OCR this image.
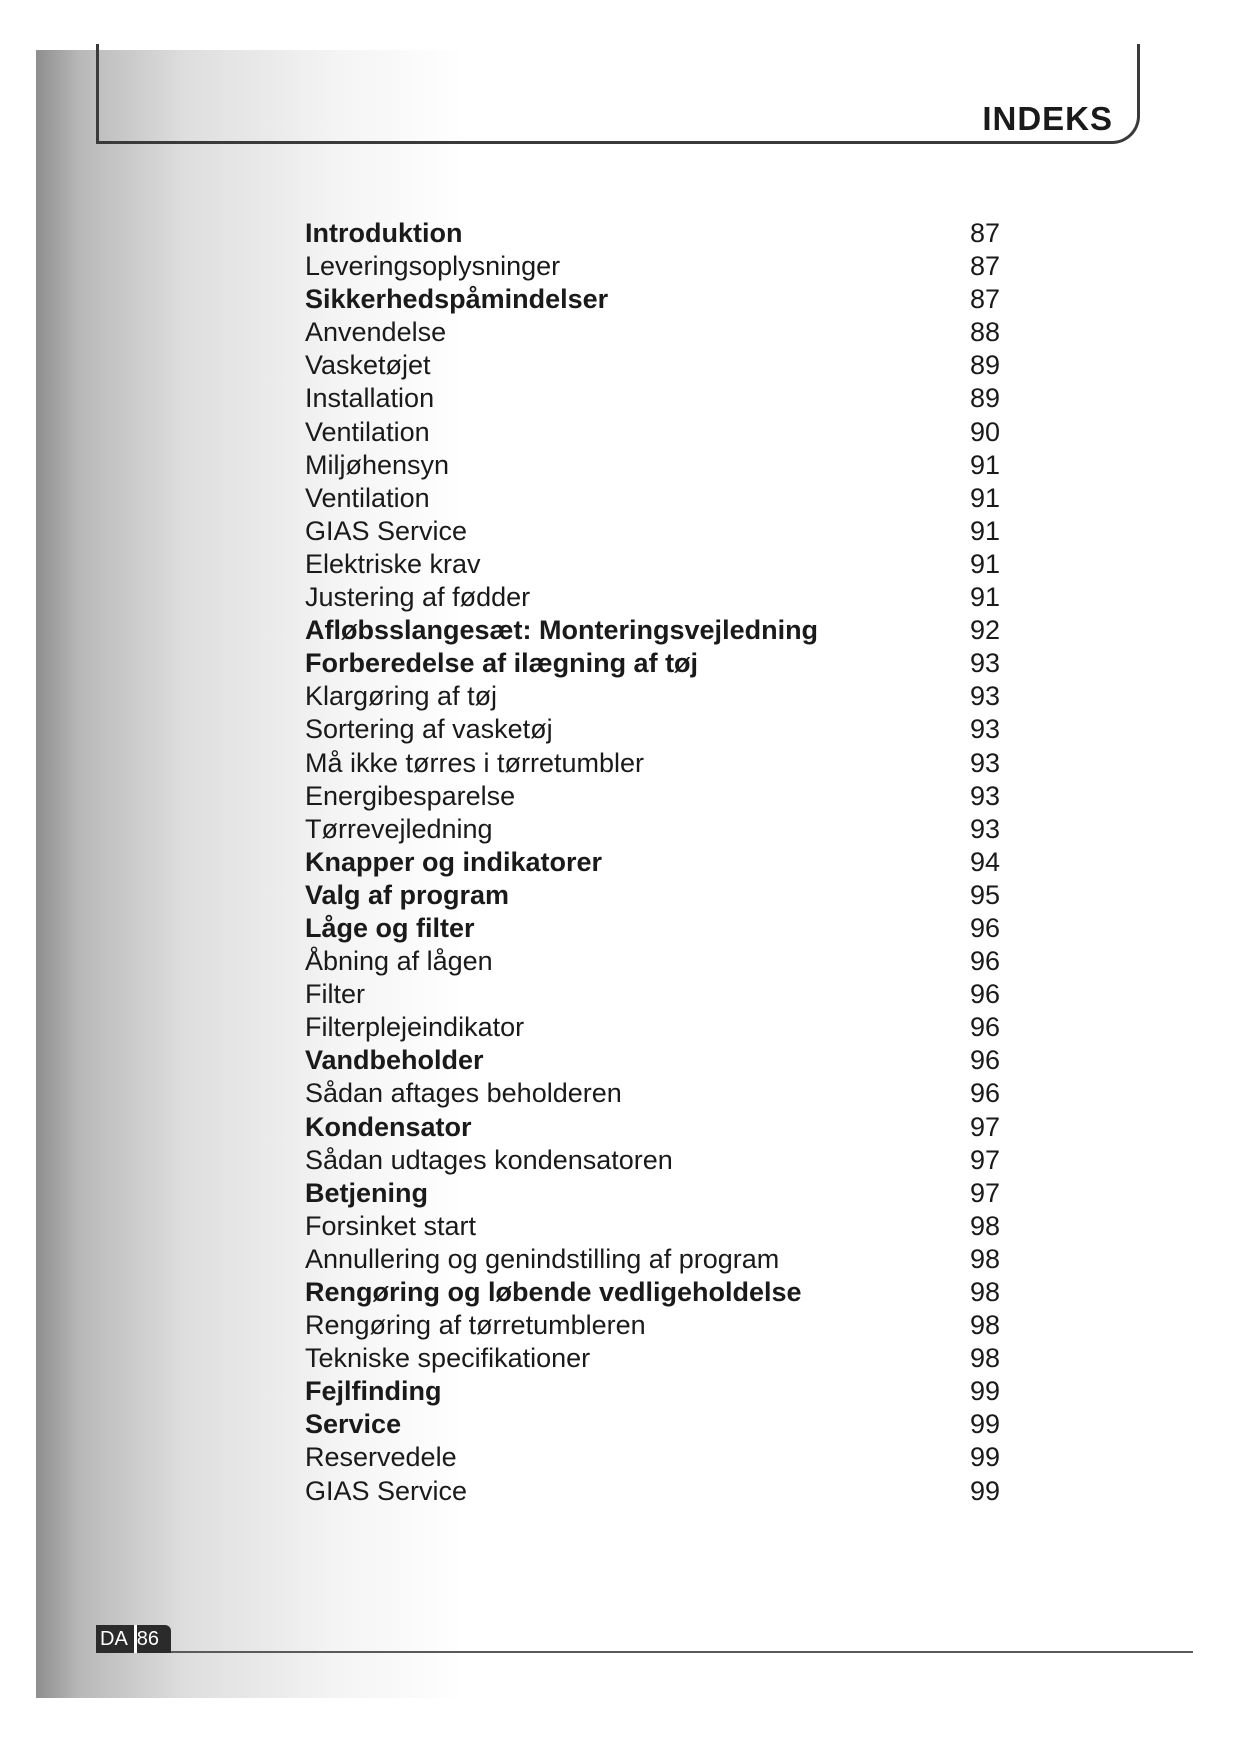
INDEKS
Introduktion	87
Leveringsoplysninger	87
Sikkerhedspåmindelser	87
Anvendelse	88
Vasketøjet	89
Installation	89
Ventilation	90
Miljøhensyn	91
Ventilation	91
GIAS Service	91
Elektriske krav	91
Justering af fødder	91
Afløbsslangesæt: Monteringsvejledning	92
Forberedelse af ilægning af tøj	93
Klargøring af tøj	93
Sortering af vasketøj	93
Må ikke tørres i tørretumbler	93
Energibesparelse	93
Tørrevejledning	93
Knapper og indikatorer	94
Valg af program	95
Låge og filter	96
Åbning af lågen	96
Filter	96
Filterplejeindikator	96
Vandbeholder	96
Sådan aftages beholderen	96
Kondensator	97
Sådan udtages kondensatoren	97
Betjening	97
Forsinket start	98
Annullering og genindstilling af program	98
Rengøring og løbende vedligeholdelse	98
Rengøring af tørretumbleren	98
Tekniske specifikationer	98
Fejlfinding	99
Service	99
Reservedele	99
GIAS Service	99
DA 86
